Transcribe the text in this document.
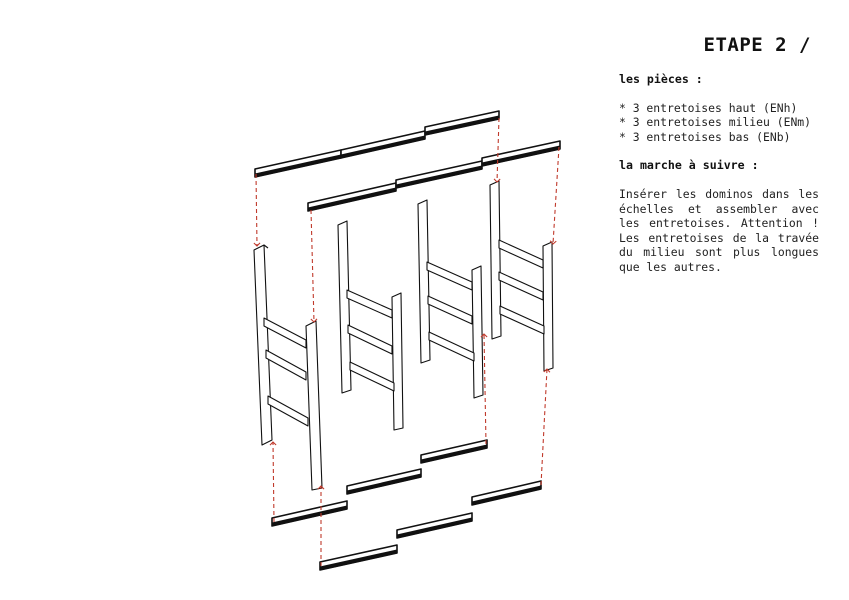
ETAPE 2 /
les pièces :
* 3 entretoises haut (ENh)
* 3 entretoises milieu (ENm)
* 3 entretoises bas (ENb)
la marche à suivre :

Insérer les dominos dans les échelles et assembler avec les entretoises. Attention ! Les entretoises de la travée du milieu sont plus longues que les autres.
